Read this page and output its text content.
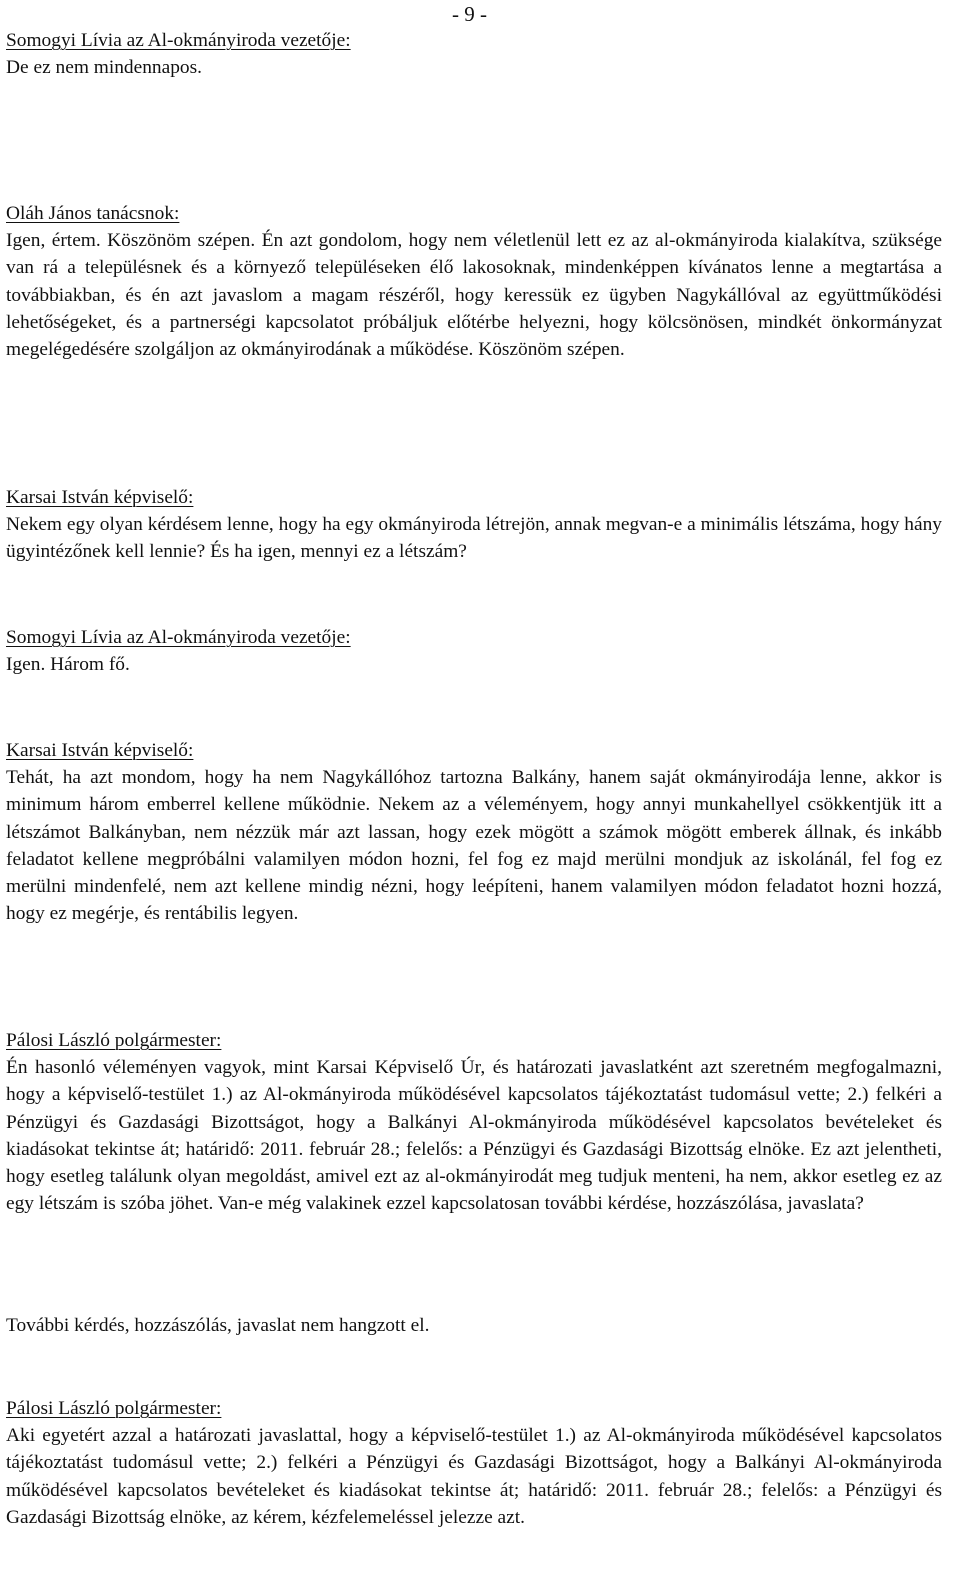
- 9 -
Somogyi Lívia az Al-okmányiroda vezetője:
De ez nem mindennapos.
Oláh János tanácsnok:
Igen, értem. Köszönöm szépen. Én azt gondolom, hogy nem véletlenül lett ez az al-okmányiroda kialakítva, szüksége van rá a településnek és a környező településeken élő lakosoknak, mindenképpen kívánatos lenne a megtartása a továbbiakban, és én azt javaslom a magam részéről, hogy keressük ez ügyben Nagykállóval az együttműködési lehetőségeket, és a partnerségi kapcsolatot próbáljuk előtérbe helyezni, hogy kölcsönösen, mindkét önkormányzat megelégedésére szolgáljon az okmányirodának a működése. Köszönöm szépen.
Karsai István képviselő:
Nekem egy olyan kérdésem lenne, hogy ha egy okmányiroda létrejön, annak megvan-e a minimális létszáma, hogy hány ügyintézőnek kell lennie? És ha igen, mennyi ez a létszám?
Somogyi Lívia az Al-okmányiroda vezetője:
Igen. Három fő.
Karsai István képviselő:
Tehát, ha azt mondom, hogy ha nem Nagykállóhoz tartozna Balkány, hanem saját okmányirodája lenne, akkor is minimum három emberrel kellene működnie. Nekem az a véleményem, hogy annyi munkahellyel csökkentjük itt a létszámot Balkányban, nem nézzük már azt lassan, hogy ezek mögött a számok mögött emberek állnak, és inkább feladatot kellene megpróbálni valamilyen módon hozni, fel fog ez majd merülni mondjuk az iskolánál, fel fog ez merülni mindenfelé, nem azt kellene mindig nézni, hogy leépíteni, hanem valamilyen módon feladatot hozni hozzá, hogy ez megérje, és rentábilis legyen.
Pálosi László polgármester:
Én hasonló véleményen vagyok, mint Karsai Képviselő Úr, és határozati javaslatként azt szeretném megfogalmazni, hogy a képviselő-testület 1.) az Al-okmányiroda működésével kapcsolatos tájékoztatást tudomásul vette; 2.) felkéri a Pénzügyi és Gazdasági Bizottságot, hogy a Balkányi Al-okmányiroda működésével kapcsolatos bevételeket és kiadásokat tekintse át; határidő: 2011. február 28.; felelős: a Pénzügyi és Gazdasági Bizottság elnöke. Ez azt jelentheti, hogy esetleg találunk olyan megoldást, amivel ezt az al-okmányirodát meg tudjuk menteni, ha nem, akkor esetleg ez az egy létszám is szóba jöhet. Van-e még valakinek ezzel kapcsolatosan további kérdése, hozzászólása, javaslata?
További kérdés, hozzászólás, javaslat nem hangzott el.
Pálosi László polgármester:
Aki egyetért azzal a határozati javaslattal, hogy a képviselő-testület 1.) az Al-okmányiroda működésével kapcsolatos tájékoztatást tudomásul vette; 2.) felkéri a Pénzügyi és Gazdasági Bizottságot, hogy a Balkányi Al-okmányiroda működésével kapcsolatos bevételeket és kiadásokat tekintse át; határidő: 2011. február 28.; felelős: a Pénzügyi és Gazdasági Bizottság elnöke, az kérem, kézfelemeléssel jelezze azt.
